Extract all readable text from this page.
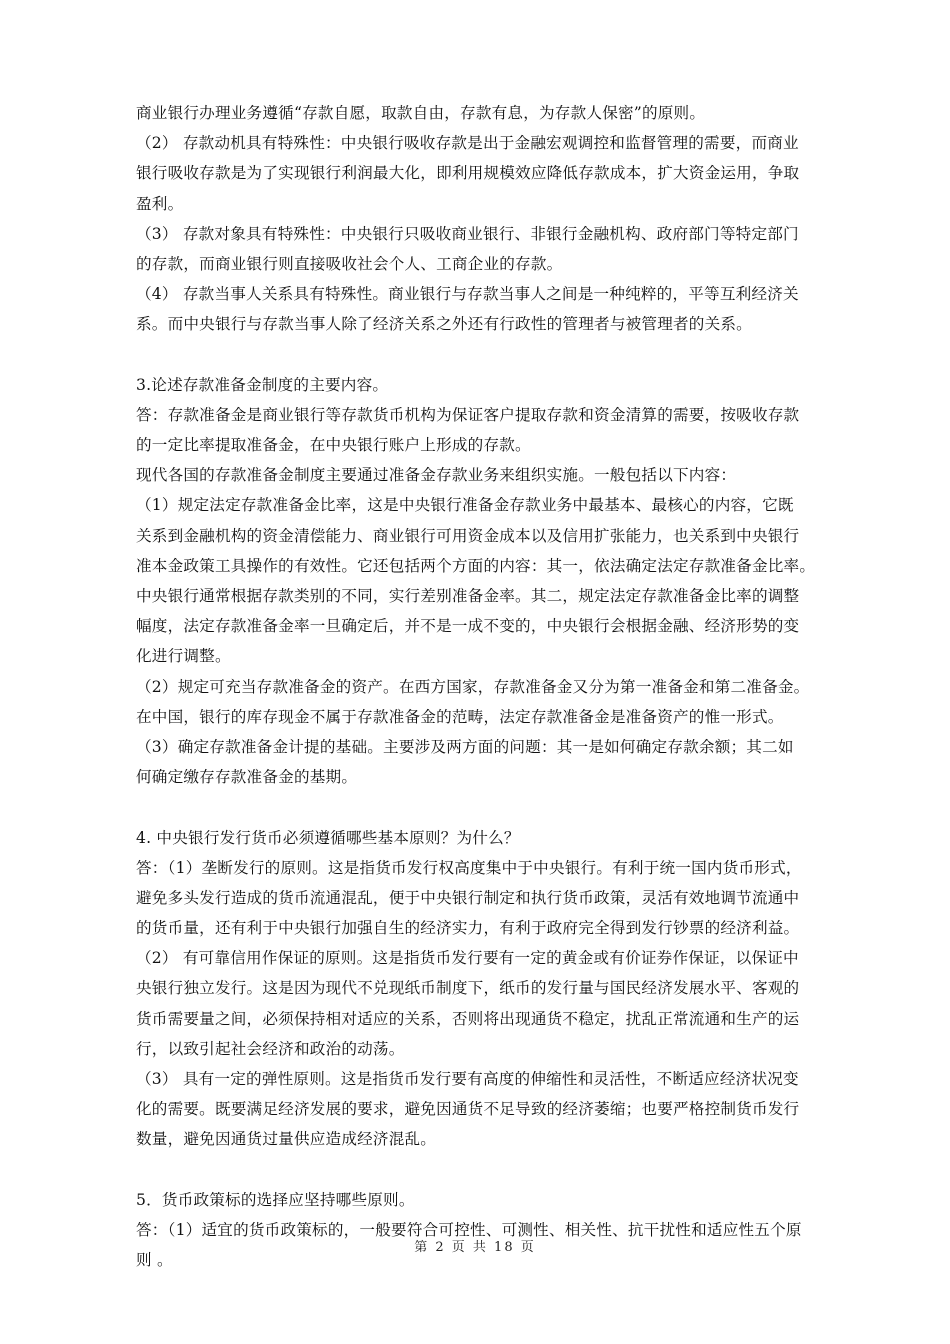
商业银行办理业务遵循“存款自愿，取款自由，存款有息，为存款人保密”的原则。
（2） 存款动机具有特殊性：中央银行吸收存款是出于金融宏观调控和监督管理的需要，而商业
银行吸收存款是为了实现银行利润最大化，即利用规模效应降低存款成本，扩大资金运用，争取
盈利。
（3） 存款对象具有特殊性：中央银行只吸收商业银行、非银行金融机构、政府部门等特定部门
的存款，而商业银行则直接吸收社会个人、工商企业的存款。
（4） 存款当事人关系具有特殊性。商业银行与存款当事人之间是一种纯粹的，平等互利经济关
系。而中央银行与存款当事人除了经济关系之外还有行政性的管理者与被管理者的关系。
3.论述存款准备金制度的主要内容。
答：存款准备金是商业银行等存款货币机构为保证客户提取存款和资金清算的需要，按吸收存款
的一定比率提取准备金，在中央银行账户上形成的存款。
现代各国的存款准备金制度主要通过准备金存款业务来组织实施。一般包括以下内容：
（1）规定法定存款准备金比率，这是中央银行准备金存款业务中最基本、最核心的内容，它既
关系到金融机构的资金清偿能力、商业银行可用资金成本以及信用扩张能力，也关系到中央银行
准本金政策工具操作的有效性。它还包括两个方面的内容：其一，依法确定法定存款准备金比率。
中央银行通常根据存款类别的不同，实行差别准备金率。其二，规定法定存款准备金比率的调整
幅度，法定存款准备金率一旦确定后，并不是一成不变的，中央银行会根据金融、经济形势的变
化进行调整。
（2）规定可充当存款准备金的资产。在西方国家，存款准备金又分为第一准备金和第二准备金。
在中国，银行的库存现金不属于存款准备金的范畴，法定存款准备金是准备资产的惟一形式。
（3）确定存款准备金计提的基础。主要涉及两方面的问题：其一是如何确定存款余额；其二如
何确定缴存存款准备金的基期。
4. 中央银行发行货币必须遵循哪些基本原则？为什么？
答：（1）垄断发行的原则。这是指货币发行权高度集中于中央银行。有利于统一国内货币形式，
避免多头发行造成的货币流通混乱，便于中央银行制定和执行货币政策，灵活有效地调节流通中
的货币量，还有利于中央银行加强自生的经济实力，有利于政府完全得到发行钞票的经济利益。
（2） 有可靠信用作保证的原则。这是指货币发行要有一定的黄金或有价证券作保证，以保证中
央银行独立发行。这是因为现代不兑现纸币制度下，纸币的发行量与国民经济发展水平、客观的
货币需要量之间，必须保持相对适应的关系，否则将出现通货不稳定，扰乱正常流通和生产的运
行，以致引起社会经济和政治的动荡。
（3） 具有一定的弹性原则。这是指货币发行要有高度的伸缩性和灵活性，不断适应经济状况变
化的需要。既要满足经济发展的要求，避免因通货不足导致的经济萎缩；也要严格控制货币发行
数量，避免因通货过量供应造成经济混乱。
5．货币政策标的选择应坚持哪些原则。
答：（1）适宜的货币政策标的，一般要符合可控性、可测性、相关性、抗干扰性和适应性五个原
则 。
第 2 页 共 18 页
